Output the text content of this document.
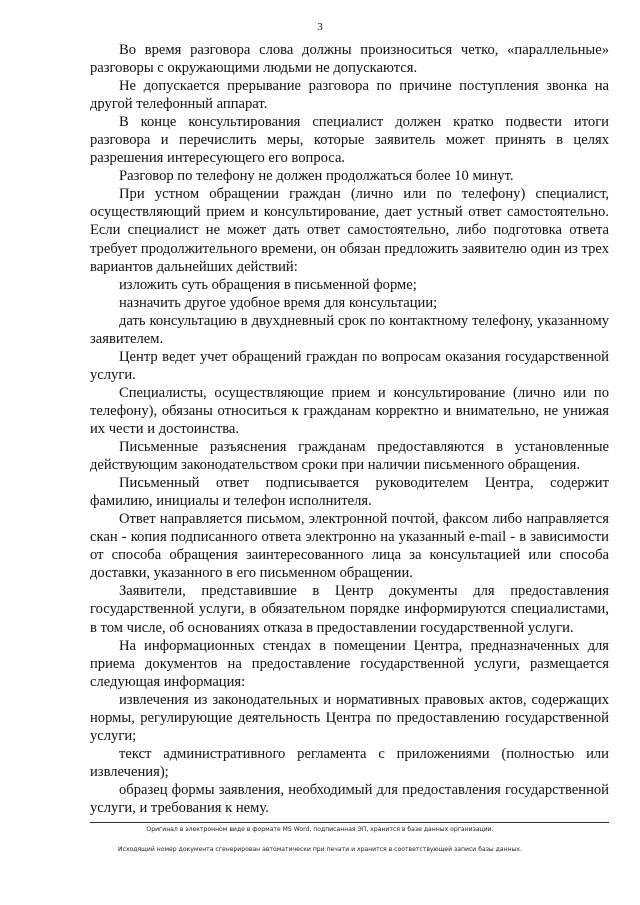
3

Во время разговора слова должны произноситься четко, «параллельные» разговоры с окружающими людьми не допускаются.

Не допускается прерывание разговора по причине поступления звонка на другой телефонный аппарат.

В конце консультирования специалист должен кратко подвести итоги разговора и перечислить меры, которые заявитель может принять в целях разрешения интересующего его вопроса.

Разговор по телефону не должен продолжаться более 10 минут.

При устном обращении граждан (лично или по телефону) специалист, осуществляющий прием и консультирование, дает устный ответ самостоятельно. Если специалист не может дать ответ самостоятельно, либо подготовка ответа требует продолжительного времени, он обязан предложить заявителю один из трех вариантов дальнейших действий:

изложить суть обращения в письменной форме;

назначить другое удобное время для консультации;

дать консультацию в двухдневный срок по контактному телефону, указанному заявителем.

Центр ведет учет обращений граждан по вопросам оказания государственной услуги.

Специалисты, осуществляющие прием и консультирование (лично или по телефону), обязаны относиться к гражданам корректно и внимательно, не унижая их чести и достоинства.

Письменные разъяснения гражданам предоставляются в установленные действующим законодательством сроки при наличии письменного обращения.

Письменный ответ подписывается руководителем Центра, содержит фамилию, инициалы и телефон исполнителя.

Ответ направляется письмом, электронной почтой, факсом либо направляется скан - копия подписанного ответа электронно на указанный e-mail - в зависимости от способа обращения заинтересованного лица за консультацией или способа доставки, указанного в его письменном обращении.

Заявители, представившие в Центр документы для предоставления государственной услуги, в обязательном порядке информируются специалистами, в том числе, об основаниях отказа в предоставлении государственной услуги.

На информационных стендах в помещении Центра, предназначенных для приема документов на предоставление государственной услуги, размещается следующая информация:

извлечения из законодательных и нормативных правовых актов, содержащих нормы, регулирующие деятельность Центра по предоставлению государственной услуги;

текст административного регламента с приложениями (полностью или извлечения);

образец формы заявления, необходимый для предоставления государственной услуги, и требования к нему.

Оригинал в электронном виде в формате MS Word, подписанная ЭП, хранится в базе данных организации.
Исходящий номер документа сгенерирован автоматически при печати и хранится в соответствующей записи базы данных.
